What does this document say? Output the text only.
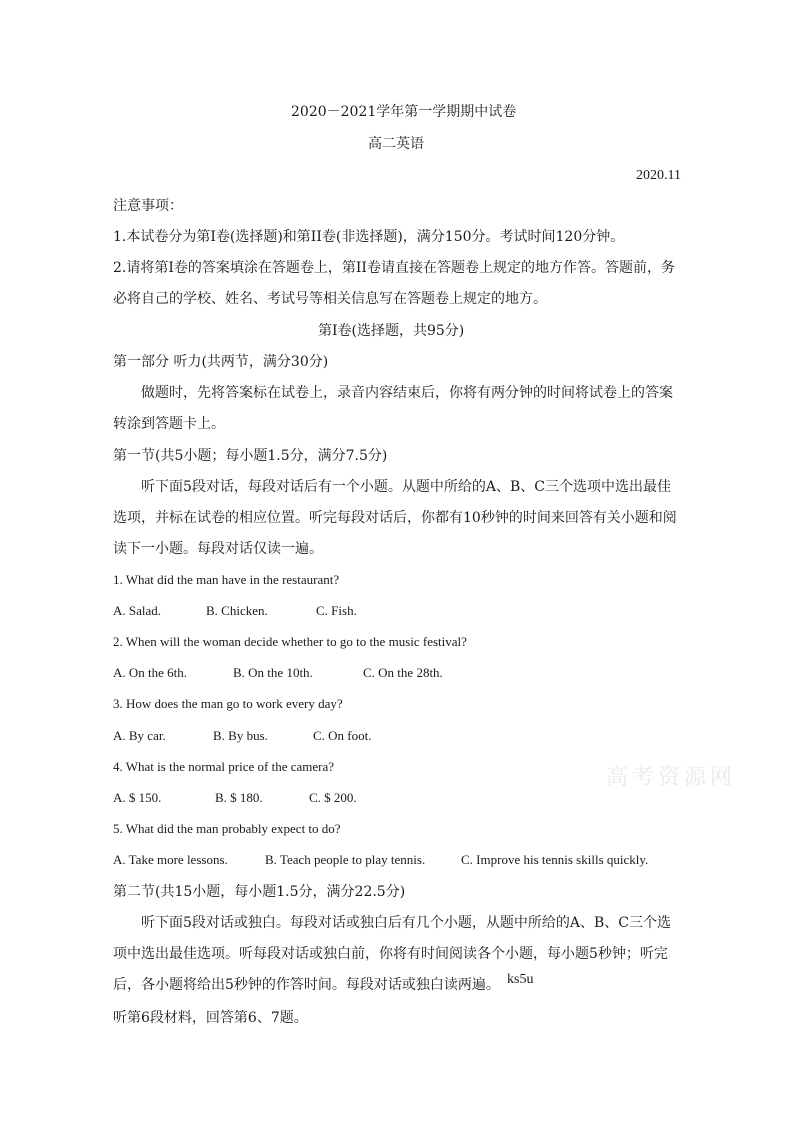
2020－2021学年第一学期期中试卷
高二英语
2020.11
注意事项：
1.本试卷分为第I卷(选择题)和第II卷(非选择题)，满分150分。考试时间120分钟。
2.请将第I卷的答案填涂在答题卷上，第II卷请直接在答题卷上规定的地方作答。答题前，务
必将自己的学校、姓名、考试号等相关信息写在答题卷上规定的地方。
第I卷(选择题，共95分)
第一部分 听力(共两节，满分30分)
做题时，先将答案标在试卷上，录音内容结束后，你将有两分钟的时间将试卷上的答案
转涂到答题卡上。
第一节(共5小题；每小题1.5分，满分7.5分)
听下面5段对话，每段对话后有一个小题。从题中所给的A、B、C三个选项中选出最佳
选项，并标在试卷的相应位置。听完每段对话后，你都有10秒钟的时间来回答有关小题和阅
读下一小题。每段对话仅读一遍。
1. What did the man have in the restaurant?
A. Salad.	B. Chicken.	C. Fish.
2. When will the woman decide whether to go to the music festival?
A. On the 6th.	B. On the 10th.	C. On the 28th.
3. How does the man go to work every day?
A. By car.	B. By bus.	C. On foot.
4. What is the normal price of the camera?
A. $ 150.	B. $ 180.	C. $ 200.
5. What did the man probably expect to do?
A. Take more lessons.	B. Teach people to play tennis.	C. Improve his tennis skills quickly.
第二节(共15小题，每小题1.5分，满分22.5分)
听下面5段对话或独白。每段对话或独白后有几个小题，从题中所给的A、B、C三个选
项中选出最佳选项。听每段对话或独白前，你将有时间阅读各个小题，每小题5秒钟；听完
后，各小题将给出5秒钟的作答时间。每段对话或独白读两遍。 ks5u
听第6段材料，回答第6、7题。
高考资源网
